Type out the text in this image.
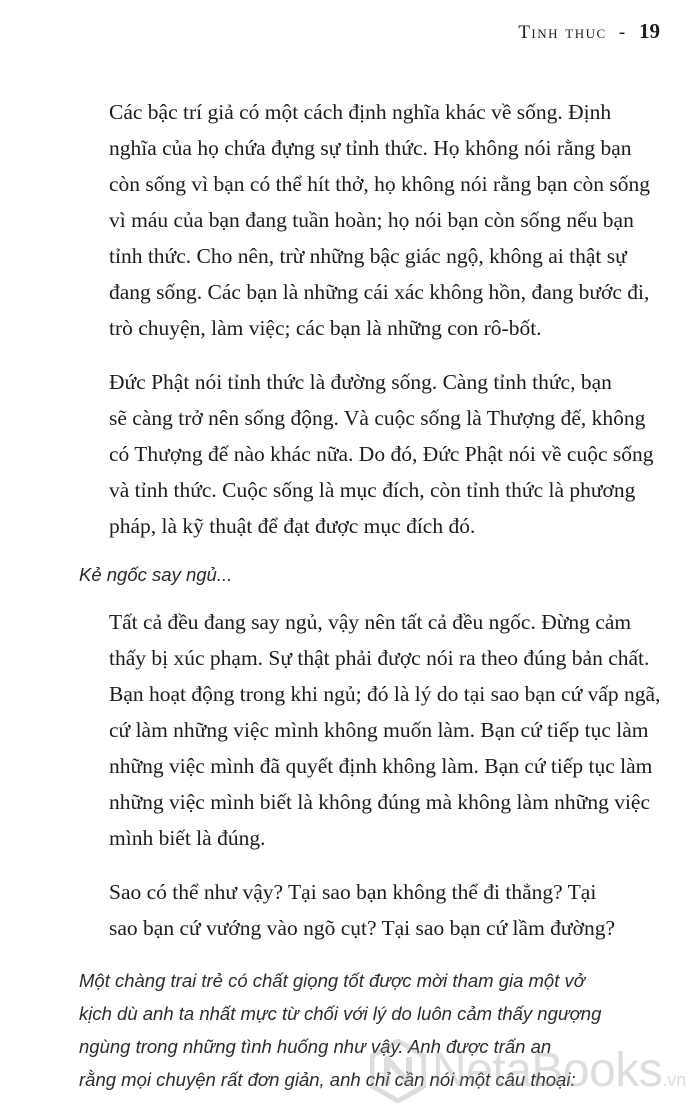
Tinh thuc - 19

Các bậc trí giả có một cách định nghĩa khác về sống. Định
nghĩa của họ chứa đựng sự tỉnh thức. Họ không nói rằng bạn
còn sống vì bạn có thể hít thở, họ không nói rằng bạn còn sống
vì máu của bạn đang tuần hoàn; họ nói bạn còn sống nếu bạn
tỉnh thức. Cho nên, trừ những bậc giác ngộ, không ai thật sự
đang sống. Các bạn là những cái xác không hồn, đang bước đi,
trò chuyện, làm việc; các bạn là những con rô-bốt.

Đức Phật nói tỉnh thức là đường sống. Càng tỉnh thức, bạn
sẽ càng trở nên sống động. Và cuộc sống là Thượng đế, không
có Thượng đế nào khác nữa. Do đó, Đức Phật nói về cuộc sống
và tỉnh thức. Cuộc sống là mục đích, còn tỉnh thức là phương
pháp, là kỹ thuật để đạt được mục đích đó.

Kẻ ngốc say ngủ...

Tất cả đều đang say ngủ, vậy nên tất cả đều ngốc. Đừng cảm
thấy bị xúc phạm. Sự thật phải được nói ra theo đúng bản chất.
Bạn hoạt động trong khi ngủ; đó là lý do tại sao bạn cứ vấp ngã,
cứ làm những việc mình không muốn làm. Bạn cứ tiếp tục làm
những việc mình đã quyết định không làm. Bạn cứ tiếp tục làm
những việc mình biết là không đúng mà không làm những việc
mình biết là đúng.

Sao có thể như vậy? Tại sao bạn không thể đi thẳng? Tại
sao bạn cứ vướng vào ngõ cụt? Tại sao bạn cứ lầm đường?

Một chàng trai trẻ có chất giọng tốt được mời tham gia một vở
kịch dù anh ta nhất mực từ chối với lý do luôn cảm thấy ngượng
ngùng trong những tình huống như vậy. Anh được trấn an
rằng mọi chuyện rất đơn giản, anh chỉ cần nói một câu thoại:

NetaBooks.vn
